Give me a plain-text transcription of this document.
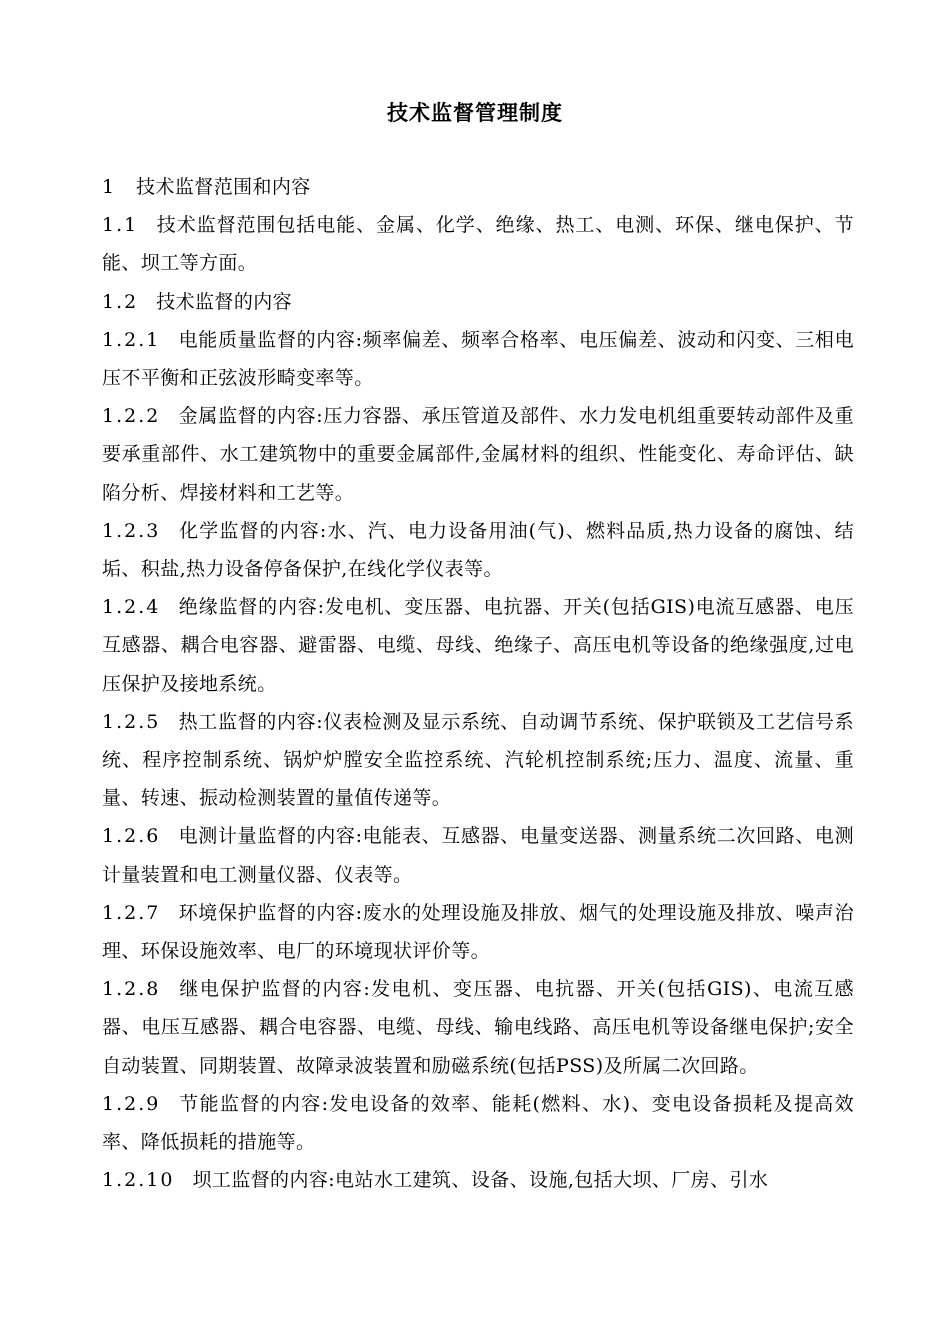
技术监督管理制度

1 技术监督范围和内容

1.1 技术监督范围包括电能、金属、化学、绝缘、热工、电测、环保、继电保护、节能、坝工等方面。

1.2 技术监督的内容

1.2.1 电能质量监督的内容:频率偏差、频率合格率、电压偏差、波动和闪变、三相电压不平衡和正弦波形畸变率等。

1.2.2 金属监督的内容:压力容器、承压管道及部件、水力发电机组重要转动部件及重要承重部件、水工建筑物中的重要金属部件,金属材料的组织、性能变化、寿命评估、缺陷分析、焊接材料和工艺等。

1.2.3 化学监督的内容:水、汽、电力设备用油(气)、燃料品质,热力设备的腐蚀、结垢、积盐,热力设备停备保护,在线化学仪表等。

1.2.4 绝缘监督的内容:发电机、变压器、电抗器、开关(包括GIS)电流互感器、电压互感器、耦合电容器、避雷器、电缆、母线、绝缘子、高压电机等设备的绝缘强度,过电压保护及接地系统。

1.2.5 热工监督的内容:仪表检测及显示系统、自动调节系统、保护联锁及工艺信号系统、程序控制系统、锅炉炉膛安全监控系统、汽轮机控制系统;压力、温度、流量、重量、转速、振动检测装置的量值传递等。

1.2.6 电测计量监督的内容:电能表、互感器、电量变送器、测量系统二次回路、电测计量装置和电工测量仪器、仪表等。

1.2.7 环境保护监督的内容:废水的处理设施及排放、烟气的处理设施及排放、噪声治理、环保设施效率、电厂的环境现状评价等。

1.2.8 继电保护监督的内容:发电机、变压器、电抗器、开关(包括GIS)、电流互感器、电压互感器、耦合电容器、电缆、母线、输电线路、高压电机等设备继电保护;安全自动装置、同期装置、故障录波装置和励磁系统(包括PSS)及所属二次回路。

1.2.9 节能监督的内容:发电设备的效率、能耗(燃料、水)、变电设备损耗及提高效率、降低损耗的措施等。

1.2.10 坝工监督的内容:电站水工建筑、设备、设施,包括大坝、厂房、引水
